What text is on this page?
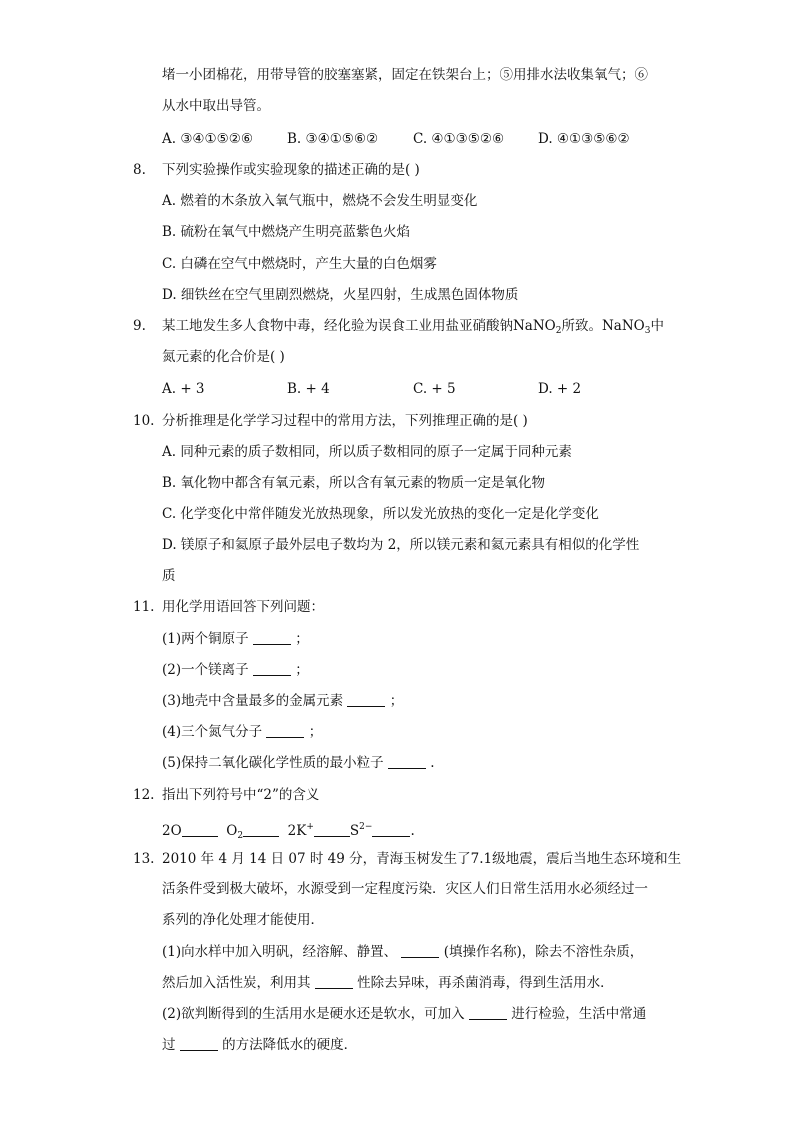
堵一小团棉花，用带导管的胶塞塞紧，固定在铁架台上；⑤用排水法收集氧气；⑥
从水中取出导管。
A. ③④①⑤②⑥	B. ③④①⑤⑥②	C. ④①③⑤②⑥	D. ④①③⑤⑥②
8. 下列实验操作或实验现象的描述正确的是( )
A. 燃着的木条放入氧气瓶中，燃烧不会发生明显变化
B. 硫粉在氧气中燃烧产生明亮蓝紫色火焰
C. 白磷在空气中燃烧时，产生大量的白色烟雾
D. 细铁丝在空气里剧烈燃烧，火星四射，生成黑色固体物质
9. 某工地发生多人食物中毒，经化验为误食工业用盐亚硝酸钠NaNO$_2$所致。NaNO$_3$中
氮元素的化合价是( )
A. + 3	B. + 4	C. + 5	D. + 2
10. 分析推理是化学学习过程中的常用方法，下列推理正确的是( )
A. 同种元素的质子数相同，所以质子数相同的原子一定属于同种元素
B. 氧化物中都含有氧元素，所以含有氧元素的物质一定是氧化物
C. 化学变化中常伴随发光放热现象，所以发光放热的变化一定是化学变化
D. 镁原子和氦原子最外层电子数均为 2，所以镁元素和氦元素具有相似的化学性
质
11. 用化学用语回答下列问题：
(1)两个铜原子	；
(2)一个镁离子	；
(3)地壳中含量最多的金属元素	；
(4)三个氮气分子	；
(5)保持二氧化碳化学性质的最小粒子	.
12. 指出下列符号中“2”的含义
2O	$O_2$	2K+	$S^{2-}$	.
13. 2010 年 4 月 14 日 07 时 49 分，青海玉树发生了7.1级地震，震后当地生态环境和生
活条件受到极大破坏，水源受到一定程度污染．灾区人们日常生活用水必须经过一
系列的净化处理才能使用．
(1)向水样中加入明矾，经溶解、静置、	(填操作名称)，除去不溶性杂质，
然后加入活性炭，利用其	性除去异味，再杀菌消毒，得到生活用水．
(2)欲判断得到的生活用水是硬水还是软水，可加入	进行检验，生活中常通
过	的方法降低水的硬度．
